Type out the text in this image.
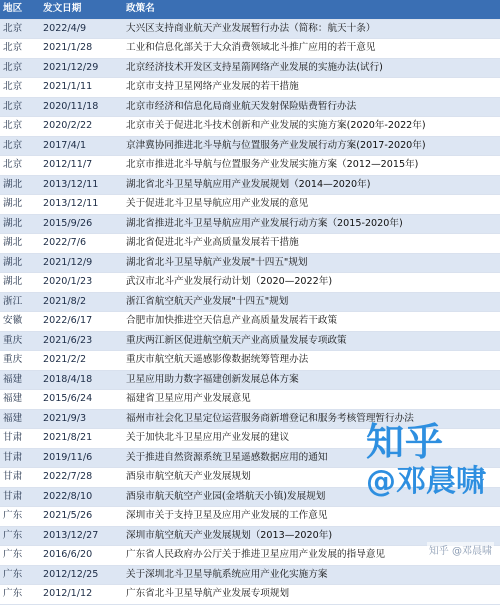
地区	发文日期	政策名
北京	2022/4/9	大兴区支持商业航天产业发展暂行办法（简称：航天十条）
北京	2021/1/28	工业和信息化部关于大众消费领域北斗推广应用的若干意见
北京	2021/12/29	北京经济技术开发区支持星箭网络产业发展的实施办法(试行)
北京	2021/1/11	北京市支持卫星网络产业发展的若干措施
北京	2020/11/18	北京市经济和信息化局商业航天发射保险贴费暂行办法
北京	2020/2/22	北京市关于促进北斗技术创新和产业发展的实施方案(2020年-2022年)
北京	2017/4/1	京津冀协同推进北斗导航与位置服务产业发展行动方案(2017-2020年)
北京	2012/11/7	北京市推进北斗导航与位置服务产业发展实施方案（2012—2015年)
湖北	2013/12/11	湖北省北斗卫星导航应用产业发展规划（2014—2020年)
湖北	2013/12/11	关于促进北斗卫星导航应用产业发展的意见
湖北	2015/9/26	湖北省推进北斗卫星导航应用产业发展行动方案（2015-2020年)
湖北	2022/7/6	湖北省促进北斗产业高质量发展若干措施
湖北	2021/12/9	湖北省北斗卫星导航产业发展"十四五"规划
湖北	2020/1/23	武汉市北斗产业发展行动计划（2020—2022年)
浙江	2021/8/2	浙江省航空航天产业发展"十四五"规划
安徽	2022/6/17	合肥市加快推进空天信息产业高质量发展若干政策
重庆	2021/6/23	重庆两江新区促进航空航天产业高质量发展专项政策
重庆	2021/2/2	重庆市航空航天遥感影像数据统筹管理办法
福建	2018/4/18	卫星应用助力数字福建创新发展总体方案
福建	2015/6/24	福建省卫星应用产业发展意见
福建	2021/9/3	福州市社会化卫星定位运营服务商新增登记和服务考核管理暂行办法
甘肃	2021/8/21	关于加快北斗卫星应用产业发展的建议
甘肃	2019/11/6	关于推进自然资源系统卫星遥感数据应用的通知
甘肃	2022/7/28	酒泉市航空航天产业发展规划
甘肃	2022/8/10	酒泉市航天航空产业园(金塔航天小镇)发展规划
广东	2021/5/26	深圳市关于支持卫星及应用产业发展的工作意见
广东	2013/12/27	深圳市航空航天产业发展规划（2013—2020年)
广东	2016/6/20	广东省人民政府办公厅关于推进卫星应用产业发展的指导意见
广东	2012/12/25	关于深圳北斗卫星导航系统应用产业化实施方案
广东	2012/1/12	广东省北斗卫星导航产业发展专项规划
知乎
@邓晨啸
知乎 @邓晨啸
